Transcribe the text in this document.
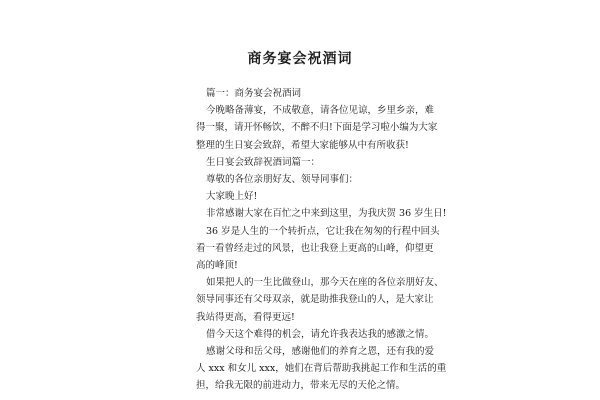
商务宴会祝酒词
篇一：商务宴会祝酒词
今晚略备薄宴，不成敬意，请各位见谅，乡里乡亲，难
得一聚，请开怀畅饮，不醉不归!下面是学习啦小编为大家
整理的生日宴会致辞，希望大家能够从中有所收获!
生日宴会致辞祝酒词篇一：
尊敬的各位亲朋好友、领导同事们：
大家晚上好!
非常感谢大家在百忙之中来到这里，为我庆贺 36 岁生日!
36 岁是人生的一个转折点，它让我在匆匆的行程中回头
看一看曾经走过的风景，也让我登上更高的山峰，仰望更
高的峰顶!
如果把人的一生比做登山，那今天在座的各位亲朋好友、
领导同事还有父母双亲，就是助推我登山的人，是大家让
我站得更高，看得更远!
借今天这个难得的机会，请允许我表达我的感激之情。
感谢父母和岳父母，感谢他们的养育之恩，还有我的爱
人 xxx 和女儿 xxx，她们在背后帮助我挑起工作和生活的重
担，给我无限的前进动力，带来无尽的天伦之情。
